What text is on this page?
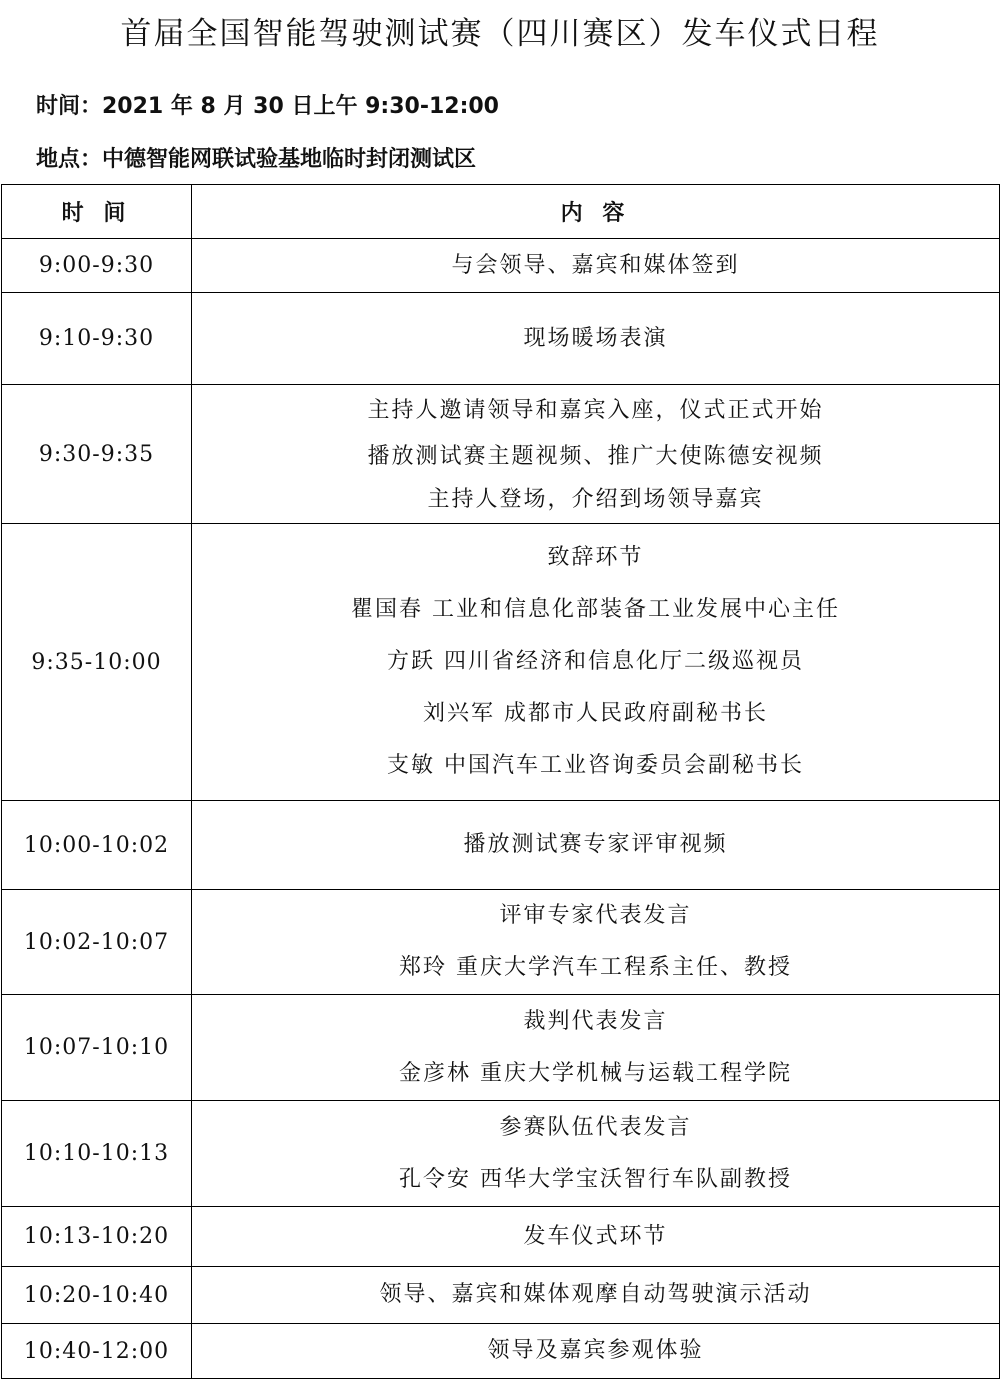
首届全国智能驾驶测试赛（四川赛区）发车仪式日程
时间：2021 年 8 月 30 日上午 9:30-12:00
地点：中德智能网联试验基地临时封闭测试区
时 间	内 容
9:00-9:30	与会领导、嘉宾和媒体签到

9:10-9:30	现场暖场表演

9:30-9:35	主持人邀请领导和嘉宾入座，仪式正式开始
播放测试赛主题视频、推广大使陈德安视频
主持人登场，介绍到场领导嘉宾

9:35-10:00	致辞环节
瞿国春 工业和信息化部装备工业发展中心主任
方跃 四川省经济和信息化厅二级巡视员
刘兴军 成都市人民政府副秘书长
支敏 中国汽车工业咨询委员会副秘书长

10:00-10:02	播放测试赛专家评审视频

10:02-10:07	评审专家代表发言
郑玲 重庆大学汽车工程系主任、教授

10:07-10:10	裁判代表发言
金彦林 重庆大学机械与运载工程学院

10:10-10:13	参赛队伍代表发言
孔令安 西华大学宝沃智行车队副教授

10:13-10:20	发车仪式环节

10:20-10:40	领导、嘉宾和媒体观摩自动驾驶演示活动

10:40-12:00	领导及嘉宾参观体验
